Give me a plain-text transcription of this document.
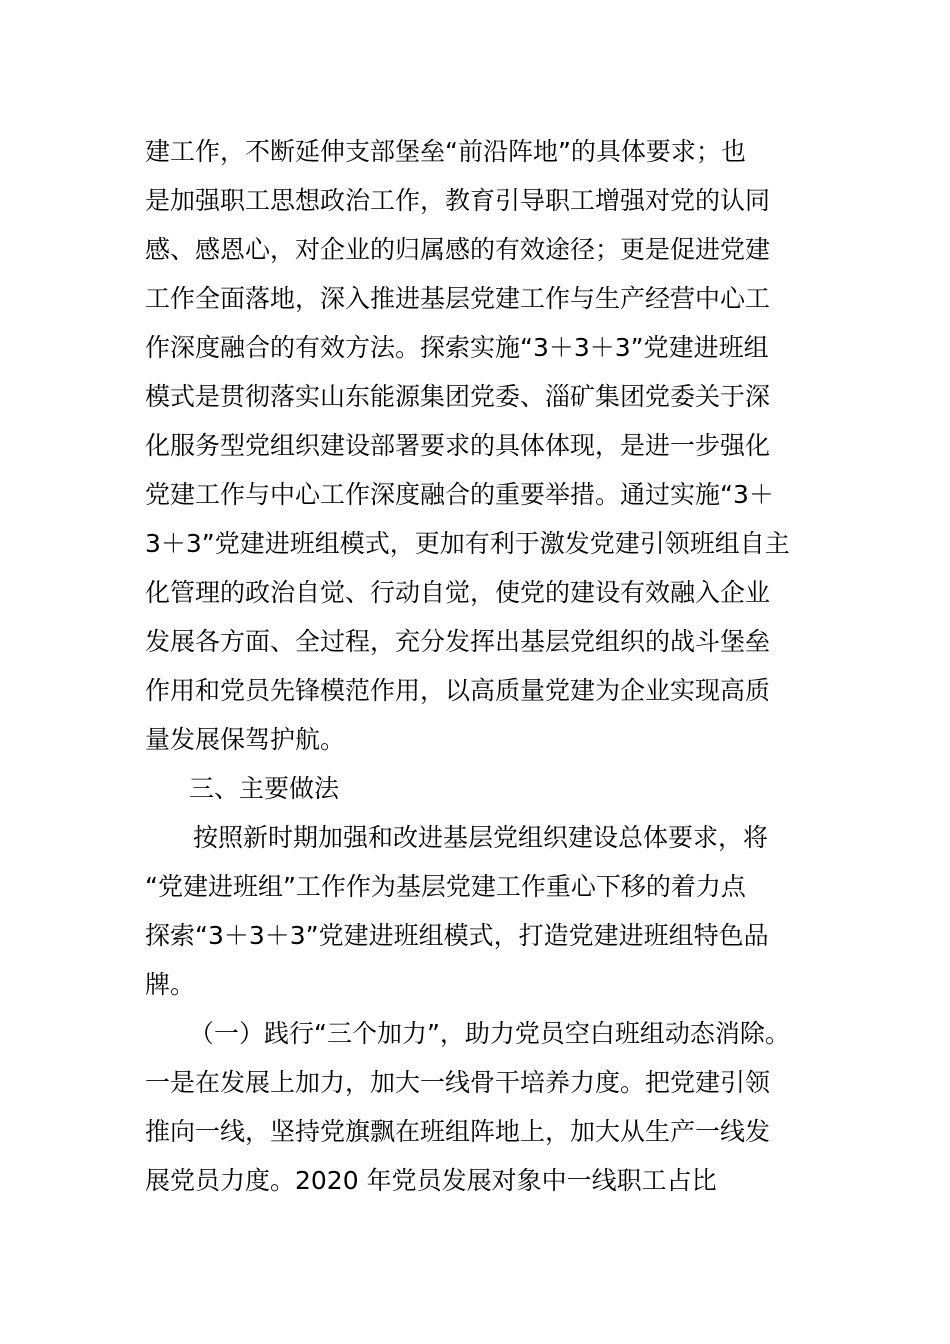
建工作，不断延伸支部堡垒“前沿阵地”的具体要求；也
是加强职工思想政治工作，教育引导职工增强对党的认同
感、感恩心，对企业的归属感的有效途径；更是促进党建
工作全面落地，深入推进基层党建工作与生产经营中心工
作深度融合的有效方法。探索实施“3＋3＋3”党建进班组
模式是贯彻落实山东能源集团党委、淄矿集团党委关于深
化服务型党组织建设部署要求的具体体现，是进一步强化
党建工作与中心工作深度融合的重要举措。通过实施“3＋
3＋3”党建进班组模式，更加有利于激发党建引领班组自主
化管理的政治自觉、行动自觉，使党的建设有效融入企业
发展各方面、全过程，充分发挥出基层党组织的战斗堡垒
作用和党员先锋模范作用，以高质量党建为企业实现高质
量发展保驾护航。
三、主要做法
按照新时期加强和改进基层党组织建设总体要求，将
“党建进班组”工作作为基层党建工作重心下移的着力点
探索“3＋3＋3”党建进班组模式，打造党建进班组特色品
牌。
（一）践行“三个加力”，助力党员空白班组动态消除。
一是在发展上加力，加大一线骨干培养力度。把党建引领
推向一线，坚持党旗飘在班组阵地上，加大从生产一线发
展党员力度。2020 年党员发展对象中一线职工占比
